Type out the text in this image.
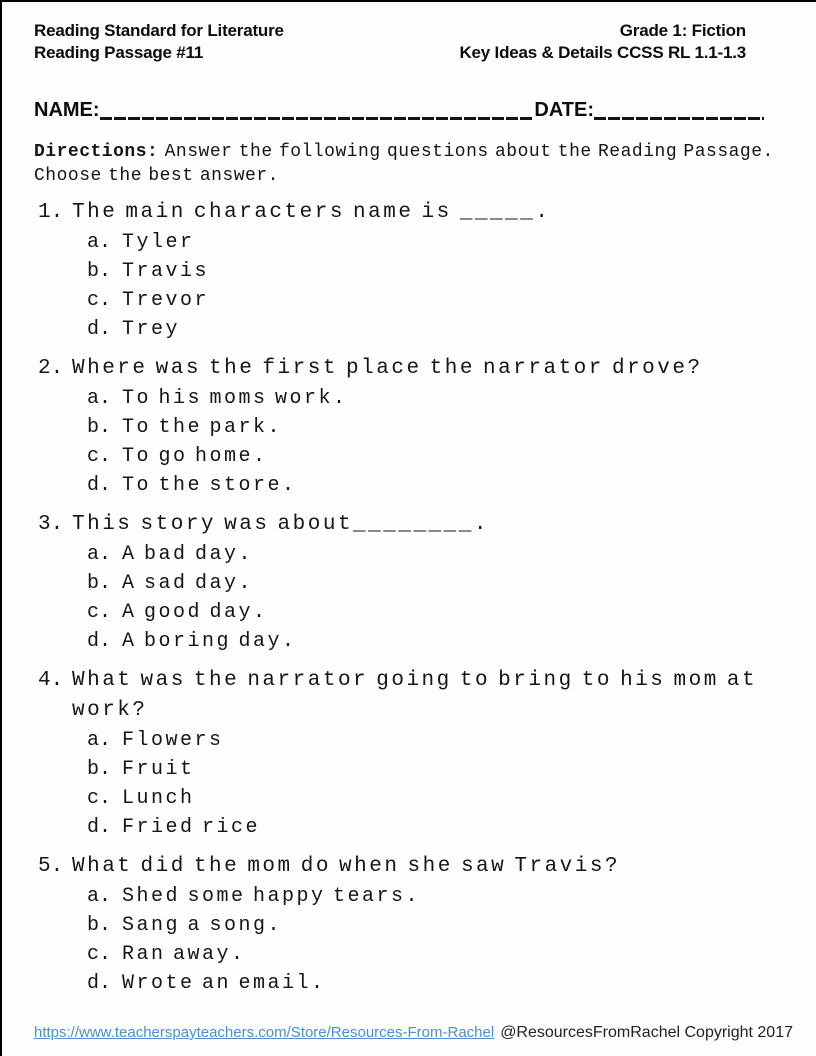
Reading Standard for Literature
Reading Passage #11
Grade 1: Fiction
Key Ideas & Details CCSS RL 1.1-1.3
NAME:	DATE:
Directions: Answer the following questions about the Reading Passage. Choose the best answer.
1. The main characters name is _____.
a. Tyler
b. Travis
c. Trevor
d. Trey
2. Where was the first place the narrator drove?
a. To his moms work.
b. To the park.
c. To go home.
d. To the store.
3. This story was about________.
a. A bad day.
b. A sad day.
c. A good day.
d. A boring day.
4. What was the narrator going to bring to his mom at work?
a. Flowers
b. Fruit
c. Lunch
d. Fried rice
5. What did the mom do when she saw Travis?
a. Shed some happy tears.
b. Sang a song.
c. Ran away.
d. Wrote an email.
https://www.teacherspayteachers.com/Store/Resources-From-Rachel @ResourcesFromRachel Copyright 2017
